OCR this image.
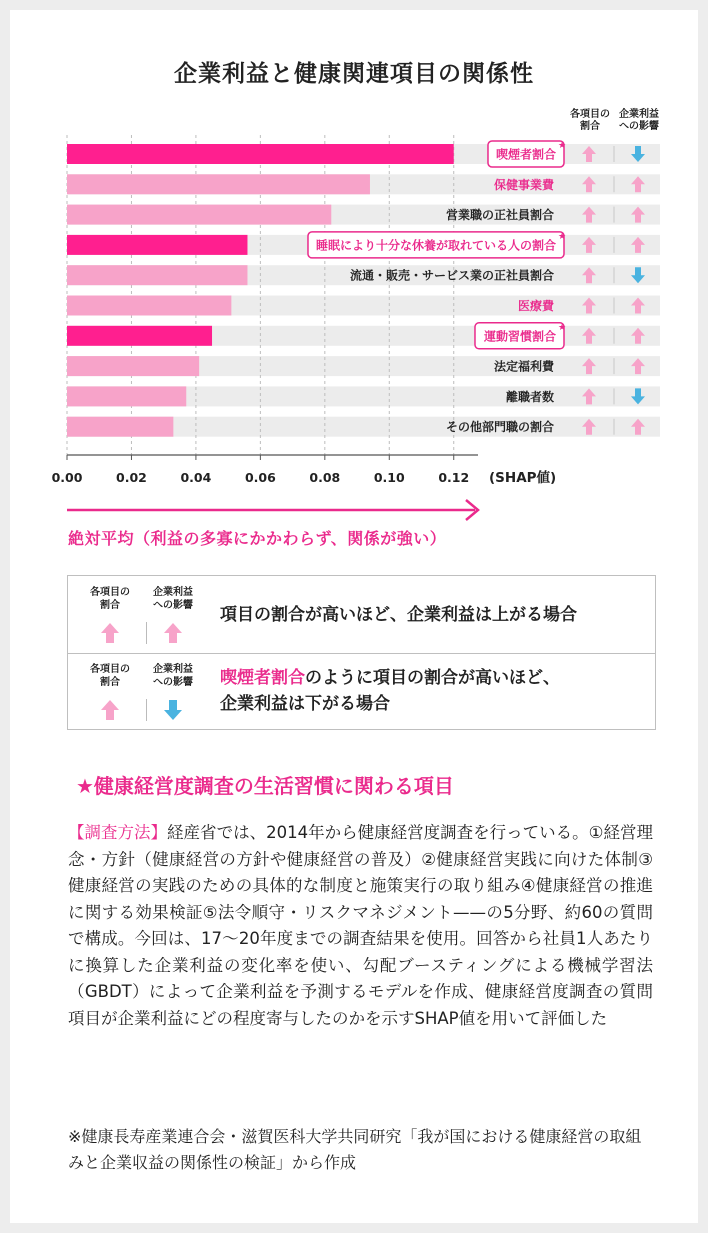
企業利益と健康関連項目の関係性
各項目の
割合
企業利益
への影響
喫煙者割合
★
保健事業費
営業職の正社員割合
睡眠により十分な休養が取れている人の割合
★
流通・販売・サービス業の正社員割合
医療費
運動習慣割合
★
法定福利費
離職者数
その他部門職の割合
0.00	0.02	0.04	0.06	0.08	0.10	0.12 (SHAP値)
絶対平均（利益の多寡にかかわらず、関係が強い）
各項目の
割合
企業利益
への影響	項目の割合が高いほど、企業利益は上がる場合
各項目の
割合
企業利益
への影響	喫煙者割合のように項目の割合が高いほど、
企業利益は下がる場合
★健康経営度調査の生活習慣に関わる項目
【調査方法】経産省では、2014年から健康経営度調査を行っている。①経営理念・方針（健康経営の方針や健康経営の普及）②健康経営実践に向けた体制③健康経営の実践のための具体的な制度と施策実行の取り組み④健康経営の推進に関する効果検証⑤法令順守・リスクマネジメント——の5分野、約60の質問で構成。今回は、17〜20年度までの調査結果を使用。回答から社員1人あたりに換算した企業利益の変化率を使い、勾配ブースティングによる機械学習法（GBDT）によって企業利益を予測するモデルを作成、健康経営度調査の質問項目が企業利益にどの程度寄与したのかを示すSHAP値を用いて評価した
※健康長寿産業連合会・滋賀医科大学共同研究「我が国における健康経営の取組みと企業収益の関係性の検証」から作成
